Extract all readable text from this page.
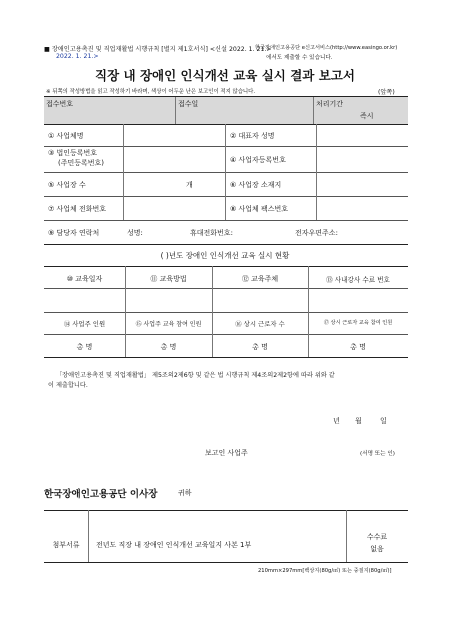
■ 장애인고용촉진 및 직업재활법 시행규칙 [별지 제1호서식] <신설 2022. 1. 21.>
2022. 1. 21.>
한국장애인고용공단 e신고서비스(http://www.easingo.or.kr)
에서도 제출할 수 있습니다.
직장 내 장애인 인식개선 교육 실시 결과 보고서
※ 뒤쪽의 작성방법을 읽고 작성하기 바라며, 색상이 어두운 난은 보고인이 적지 않습니다.	(앞쪽)
접수번호	접수일	처리기간
즉시
① 사업체명	② 대표자 성명
③ 법인등록번호
(주민등록번호)	④ 사업자등록번호
⑤ 사업장 수	개	⑥ 사업장 소재지
⑦ 사업체 전화번호	⑧ 사업체 팩스번호
⑨ 담당자 연락처	성명:	휴대전화번호:	전자우편주소:
( )년도 장애인 인식개선 교육 실시 현황
⑩ 교육일자	⑪ 교육방법	⑫ 교육주체	⑬ 사내강사 수료 번호
⑭ 사업주 인원	⑮ 사업주 교육 참여 인원	⑯ 상시 근로자 수	⑰ 상시 근로자 교육 참여 인원
총 명	총 명	총 명	총 명
「장애인고용촉진 및 직업재활법」 제5조의2제6항 및 같은 법 시행규칙 제4조의2제2항에 따라 위와 같
이 제출합니다.
년 월	일
보고인 사업주	(서명 또는 인)
한국장애인고용공단 이사장	귀하
첨부서류	전년도 직장 내 장애인 인식개선 교육일지 사본 1부
수수료
없음
210mm×297mm[백상지(80g/㎡) 또는 중질지(80g/㎡)]
